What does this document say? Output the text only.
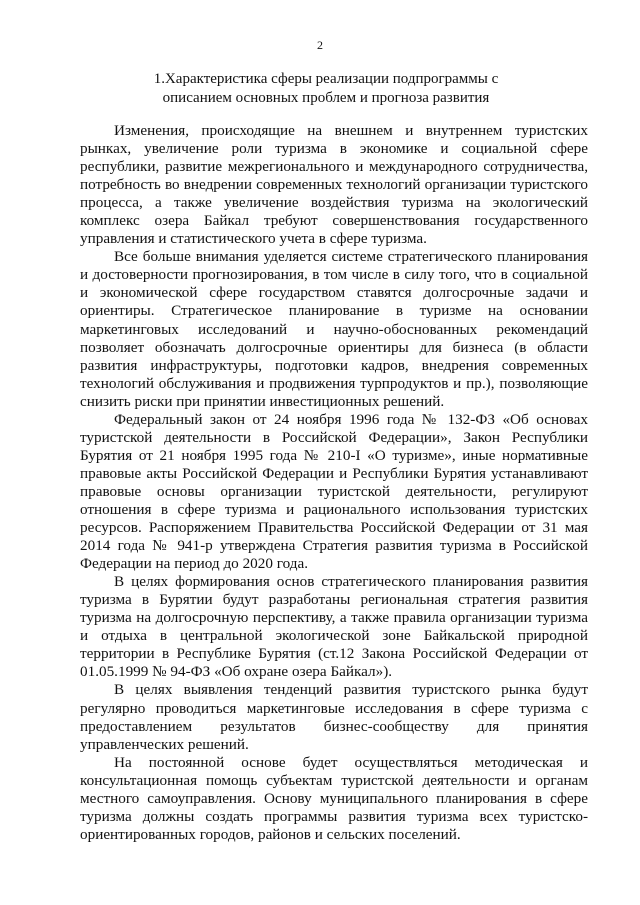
2
1.Характеристика сферы реализации подпрограммы с
описанием основных проблем и прогноза развития

Изменения, происходящие на внешнем и внутреннем туристских рынках, увеличение роли туризма в экономике и социальной сфере республики, развитие межрегионального и международного сотрудничества, потребность во внедрении современных технологий организации туристского процесса, а также увеличение воздействия туризма на экологический комплекс озера Байкал требуют совершенствования государственного управления и статистического учета в сфере туризма.

Все больше внимания уделяется системе стратегического планирования и достоверности прогнозирования, в том числе в силу того, что в социальной и экономической сфере государством ставятся долгосрочные задачи и ориентиры. Стратегическое планирование в туризме на основании маркетинговых исследований и научно-обоснованных рекомендаций позволяет обозначать долгосрочные ориентиры для бизнеса (в области развития инфраструктуры, подготовки кадров, внедрения современных технологий обслуживания и продвижения турпродуктов и пр.), позволяющие снизить риски при принятии инвестиционных решений.

Федеральный закон от 24 ноября 1996 года № 132-ФЗ «Об основах туристской деятельности в Российской Федерации», Закон Республики Бурятия от 21 ноября 1995 года № 210-I «О туризме», иные нормативные правовые акты Российской Федерации и Республики Бурятия устанавливают правовые основы организации туристской деятельности, регулируют отношения в сфере туризма и рационального использования туристских ресурсов. Распоряжением Правительства Российской Федерации от 31 мая 2014 года № 941-р утверждена Стратегия развития туризма в Российской Федерации на период до 2020 года.

В целях формирования основ стратегического планирования развития туризма в Бурятии будут разработаны региональная стратегия развития туризма на долгосрочную перспективу, а также правила организации туризма и отдыха в центральной экологической зоне Байкальской природной территории в Республике Бурятия (ст.12 Закона Российской Федерации от 01.05.1999 № 94-ФЗ «Об охране озера Байкал»).

В целях выявления тенденций развития туристского рынка будут регулярно проводиться маркетинговые исследования в сфере туризма с предоставлением результатов бизнес-сообществу для принятия управленческих решений.

На постоянной основе будет осуществляться методическая и консультационная помощь субъектам туристской деятельности и органам местного самоуправления. Основу муниципального планирования в сфере туризма должны создать программы развития туризма всех туристско-ориентированных городов, районов и сельских поселений.
